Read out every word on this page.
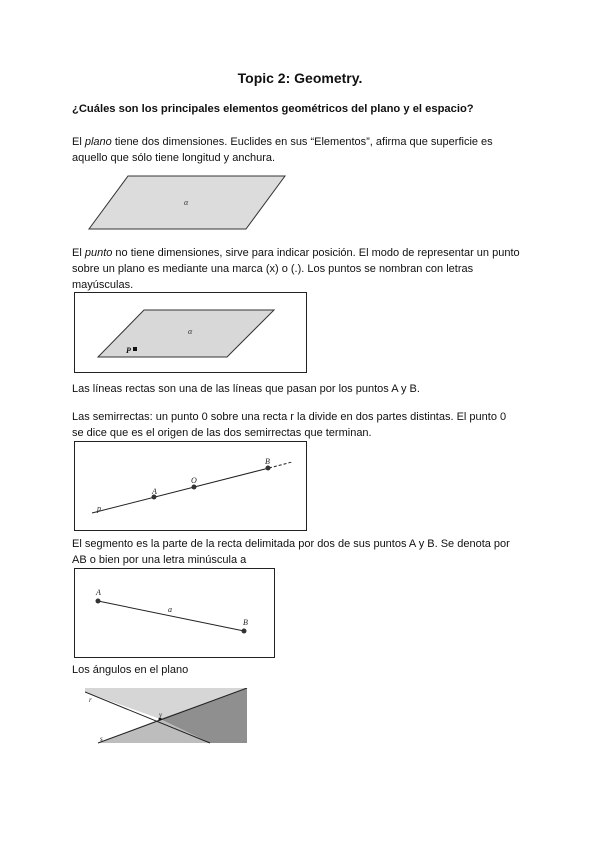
Topic 2: Geometry.
¿Cuáles son los principales elementos geométricos del plano y el espacio?
El plano tiene dos dimensiones. Euclides en sus “Elementos”, afirma que superficie es
aquello que sólo tiene longitud y anchura.
α
El punto no tiene dimensiones, sirve para indicar posición. El modo de representar un punto
sobre un plano es mediante una marca (x) o (.). Los puntos se nombran con letras
mayúsculas.
α
P
Las líneas rectas son una de las líneas que pasan por los puntos A y B.
Las semirrectas: un punto 0 sobre una recta r la divide en dos partes distintas. El punto 0
se dice que es el origen de las dos semirrectas que terminan.
p
A
O
B
El segmento es la parte de la recta delimitada por dos de sus puntos A y B. Se denota por
AB o bien por una letra minúscula a
A
B
a
Los ángulos en el plano
r
s
v
